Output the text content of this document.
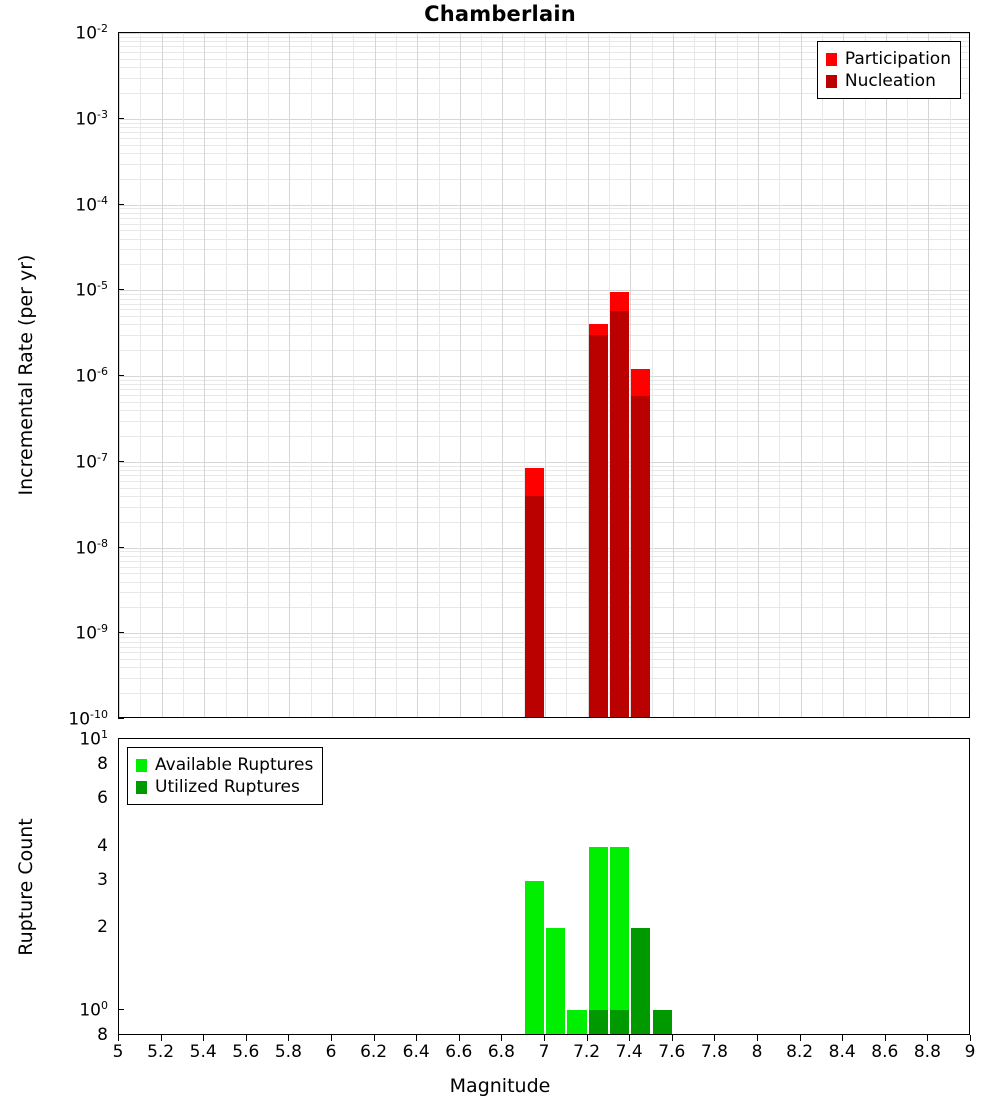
Chamberlain
Participation
Nucleation
Available Ruptures
Utilized Ruptures
$10^{-2}$
$10^{-3}$
$10^{-4}$
$10^{-5}$
$10^{-6}$
$10^{-7}$
$10^{-8}$
$10^{-9}$
$10^{-10}$
$10^1$
$10^0$
8
6
4
3
2
8
5	5.2 5.4 5.6 5.8	6	6.2 6.4 6.6 6.8	7	7.2 7.4 7.6 7.8	8	8.2 8.4 8.6 8.8	9
Incremental Rate (per yr)
Rupture Count
Magnitude
